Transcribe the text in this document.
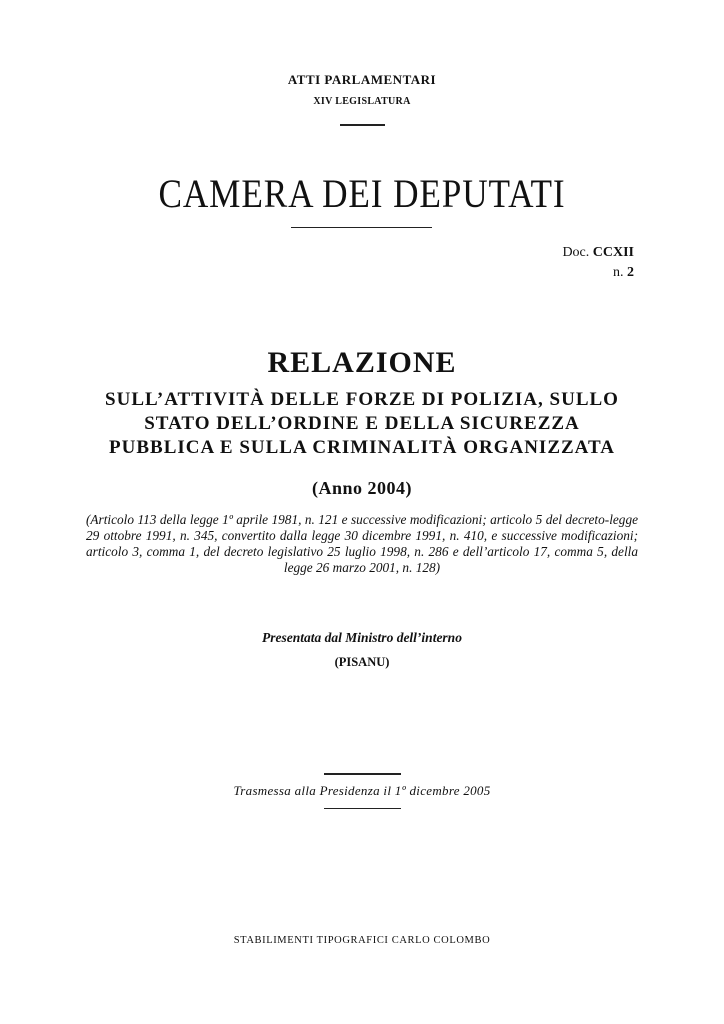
ATTI PARLAMENTARI
XIV LEGISLATURA
CAMERA DEI DEPUTATI
Doc. CCXII
n. 2
RELAZIONE
SULL’ATTIVITÀ DELLE FORZE DI POLIZIA, SULLO
STATO DELL’ORDINE E DELLA SICUREZZA
PUBBLICA E SULLA CRIMINALITÀ ORGANIZZATA
(Anno 2004)
(Articolo 113 della legge 1º aprile 1981, n. 121 e successive modificazioni; articolo 5 del decreto-legge 29 ottobre 1991, n. 345, convertito dalla legge 30 dicembre 1991, n. 410, e successive modificazioni; articolo 3, comma 1, del decreto legislativo 25 luglio 1998, n. 286 e dell’articolo 17, comma 5, della legge 26 marzo 2001, n. 128)
Presentata dal Ministro dell’interno
(PISANU)
Trasmessa alla Presidenza il 1º dicembre 2005
STABILIMENTI TIPOGRAFICI CARLO COLOMBO
